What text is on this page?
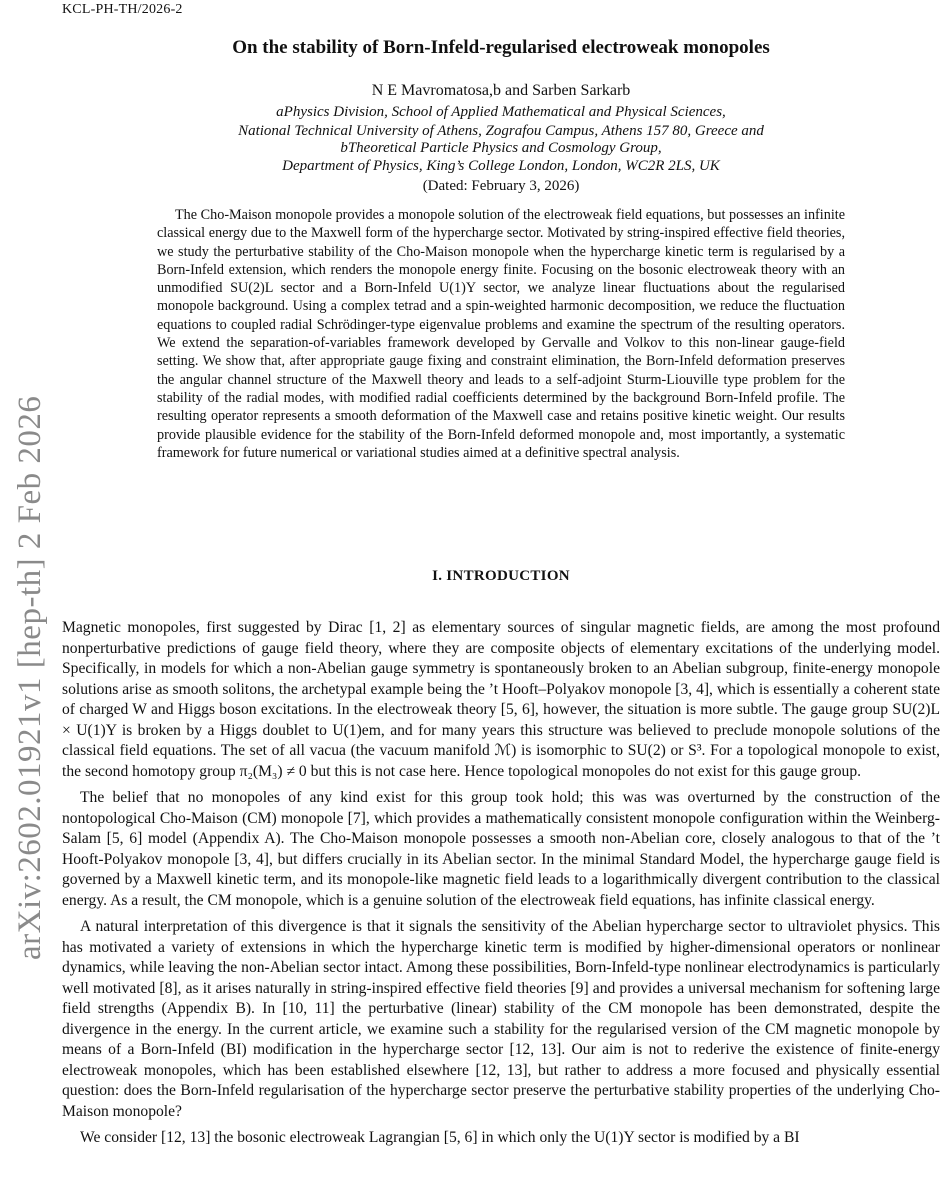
KCL-PH-TH/2026-2
arXiv:2602.01921v1 [hep-th] 2 Feb 2026
On the stability of Born-Infeld-regularised electroweak monopoles
N E Mavromatosa,b and Sarben Sarkarb
aPhysics Division, School of Applied Mathematical and Physical Sciences,
National Technical University of Athens, Zografou Campus, Athens 157 80, Greece and
bTheoretical Particle Physics and Cosmology Group,
Department of Physics, King’s College London, London, WC2R 2LS, UK
(Dated: February 3, 2026)

The Cho-Maison monopole provides a monopole solution of the electroweak field equations, but possesses an infinite classical energy due to the Maxwell form of the hypercharge sector. Motivated by string-inspired effective field theories, we study the perturbative stability of the Cho-Maison monopole when the hypercharge kinetic term is regularised by a Born-Infeld extension, which renders the monopole energy finite. Focusing on the bosonic electroweak theory with an unmodified SU(2)L sector and a Born-Infeld U(1)Y sector, we analyze linear fluctuations about the regularised monopole background. Using a complex tetrad and a spin-weighted harmonic decomposition, we reduce the fluctuation equations to coupled radial Schrödinger-type eigenvalue problems and examine the spectrum of the resulting operators. We extend the separation-of-variables framework developed by Gervalle and Volkov to this non-linear gauge-field setting. We show that, after appropriate gauge fixing and constraint elimination, the Born-Infeld deformation preserves the angular channel structure of the Maxwell theory and leads to a self-adjoint Sturm-Liouville type problem for the stability of the radial modes, with modified radial coefficients determined by the background Born-Infeld profile. The resulting operator represents a smooth deformation of the Maxwell case and retains positive kinetic weight. Our results provide plausible evidence for the stability of the Born-Infeld deformed monopole and, most importantly, a systematic framework for future numerical or variational studies aimed at a definitive spectral analysis.

I. INTRODUCTION

Magnetic monopoles, first suggested by Dirac [1, 2] as elementary sources of singular magnetic fields, are among the most profound nonperturbative predictions of gauge field theory, where they are composite objects of elementary excitations of the underlying model. Specifically, in models for which a non-Abelian gauge symmetry is spontaneously broken to an Abelian subgroup, finite-energy monopole solutions arise as smooth solitons, the archetypal example being the ’t Hooft–Polyakov monopole [3, 4], which is essentially a coherent state of charged W and Higgs boson excitations. In the electroweak theory [5, 6], however, the situation is more subtle. The gauge group SU(2)L × U(1)Y is broken by a Higgs doublet to U(1)em, and for many years this structure was believed to preclude monopole solutions of the classical field equations. The set of all vacua (the vacuum manifold ℳ) is isomorphic to SU(2) or S³. For a topological monopole to exist, the second homotopy group π₂(M₃) ≠ 0 but this is not case here. Hence topological monopoles do not exist for this gauge group.

The belief that no monopoles of any kind exist for this group took hold; this was was overturned by the construction of the nontopological Cho-Maison (CM) monopole [7], which provides a mathematically consistent monopole configuration within the Weinberg-Salam [5, 6] model (Appendix A). The Cho-Maison monopole possesses a smooth non-Abelian core, closely analogous to that of the ’t Hooft-Polyakov monopole [3, 4], but differs crucially in its Abelian sector. In the minimal Standard Model, the hypercharge gauge field is governed by a Maxwell kinetic term, and its monopole-like magnetic field leads to a logarithmically divergent contribution to the classical energy. As a result, the CM monopole, which is a genuine solution of the electroweak field equations, has infinite classical energy.

A natural interpretation of this divergence is that it signals the sensitivity of the Abelian hypercharge sector to ultraviolet physics. This has motivated a variety of extensions in which the hypercharge kinetic term is modified by higher-dimensional operators or nonlinear dynamics, while leaving the non-Abelian sector intact. Among these possibilities, Born-Infeld-type nonlinear electrodynamics is particularly well motivated [8], as it arises naturally in string-inspired effective field theories [9] and provides a universal mechanism for softening large field strengths (Appendix B). In [10, 11] the perturbative (linear) stability of the CM monopole has been demonstrated, despite the divergence in the energy. In the current article, we examine such a stability for the regularised version of the CM magnetic monopole by means of a Born-Infeld (BI) modification in the hypercharge sector [12, 13]. Our aim is not to rederive the existence of finite-energy electroweak monopoles, which has been established elsewhere [12, 13], but rather to address a more focused and physically essential question: does the Born-Infeld regularisation of the hypercharge sector preserve the perturbative stability properties of the underlying Cho-Maison monopole?

We consider [12, 13] the bosonic electroweak Lagrangian [5, 6] in which only the U(1)Y sector is modified by a BI
